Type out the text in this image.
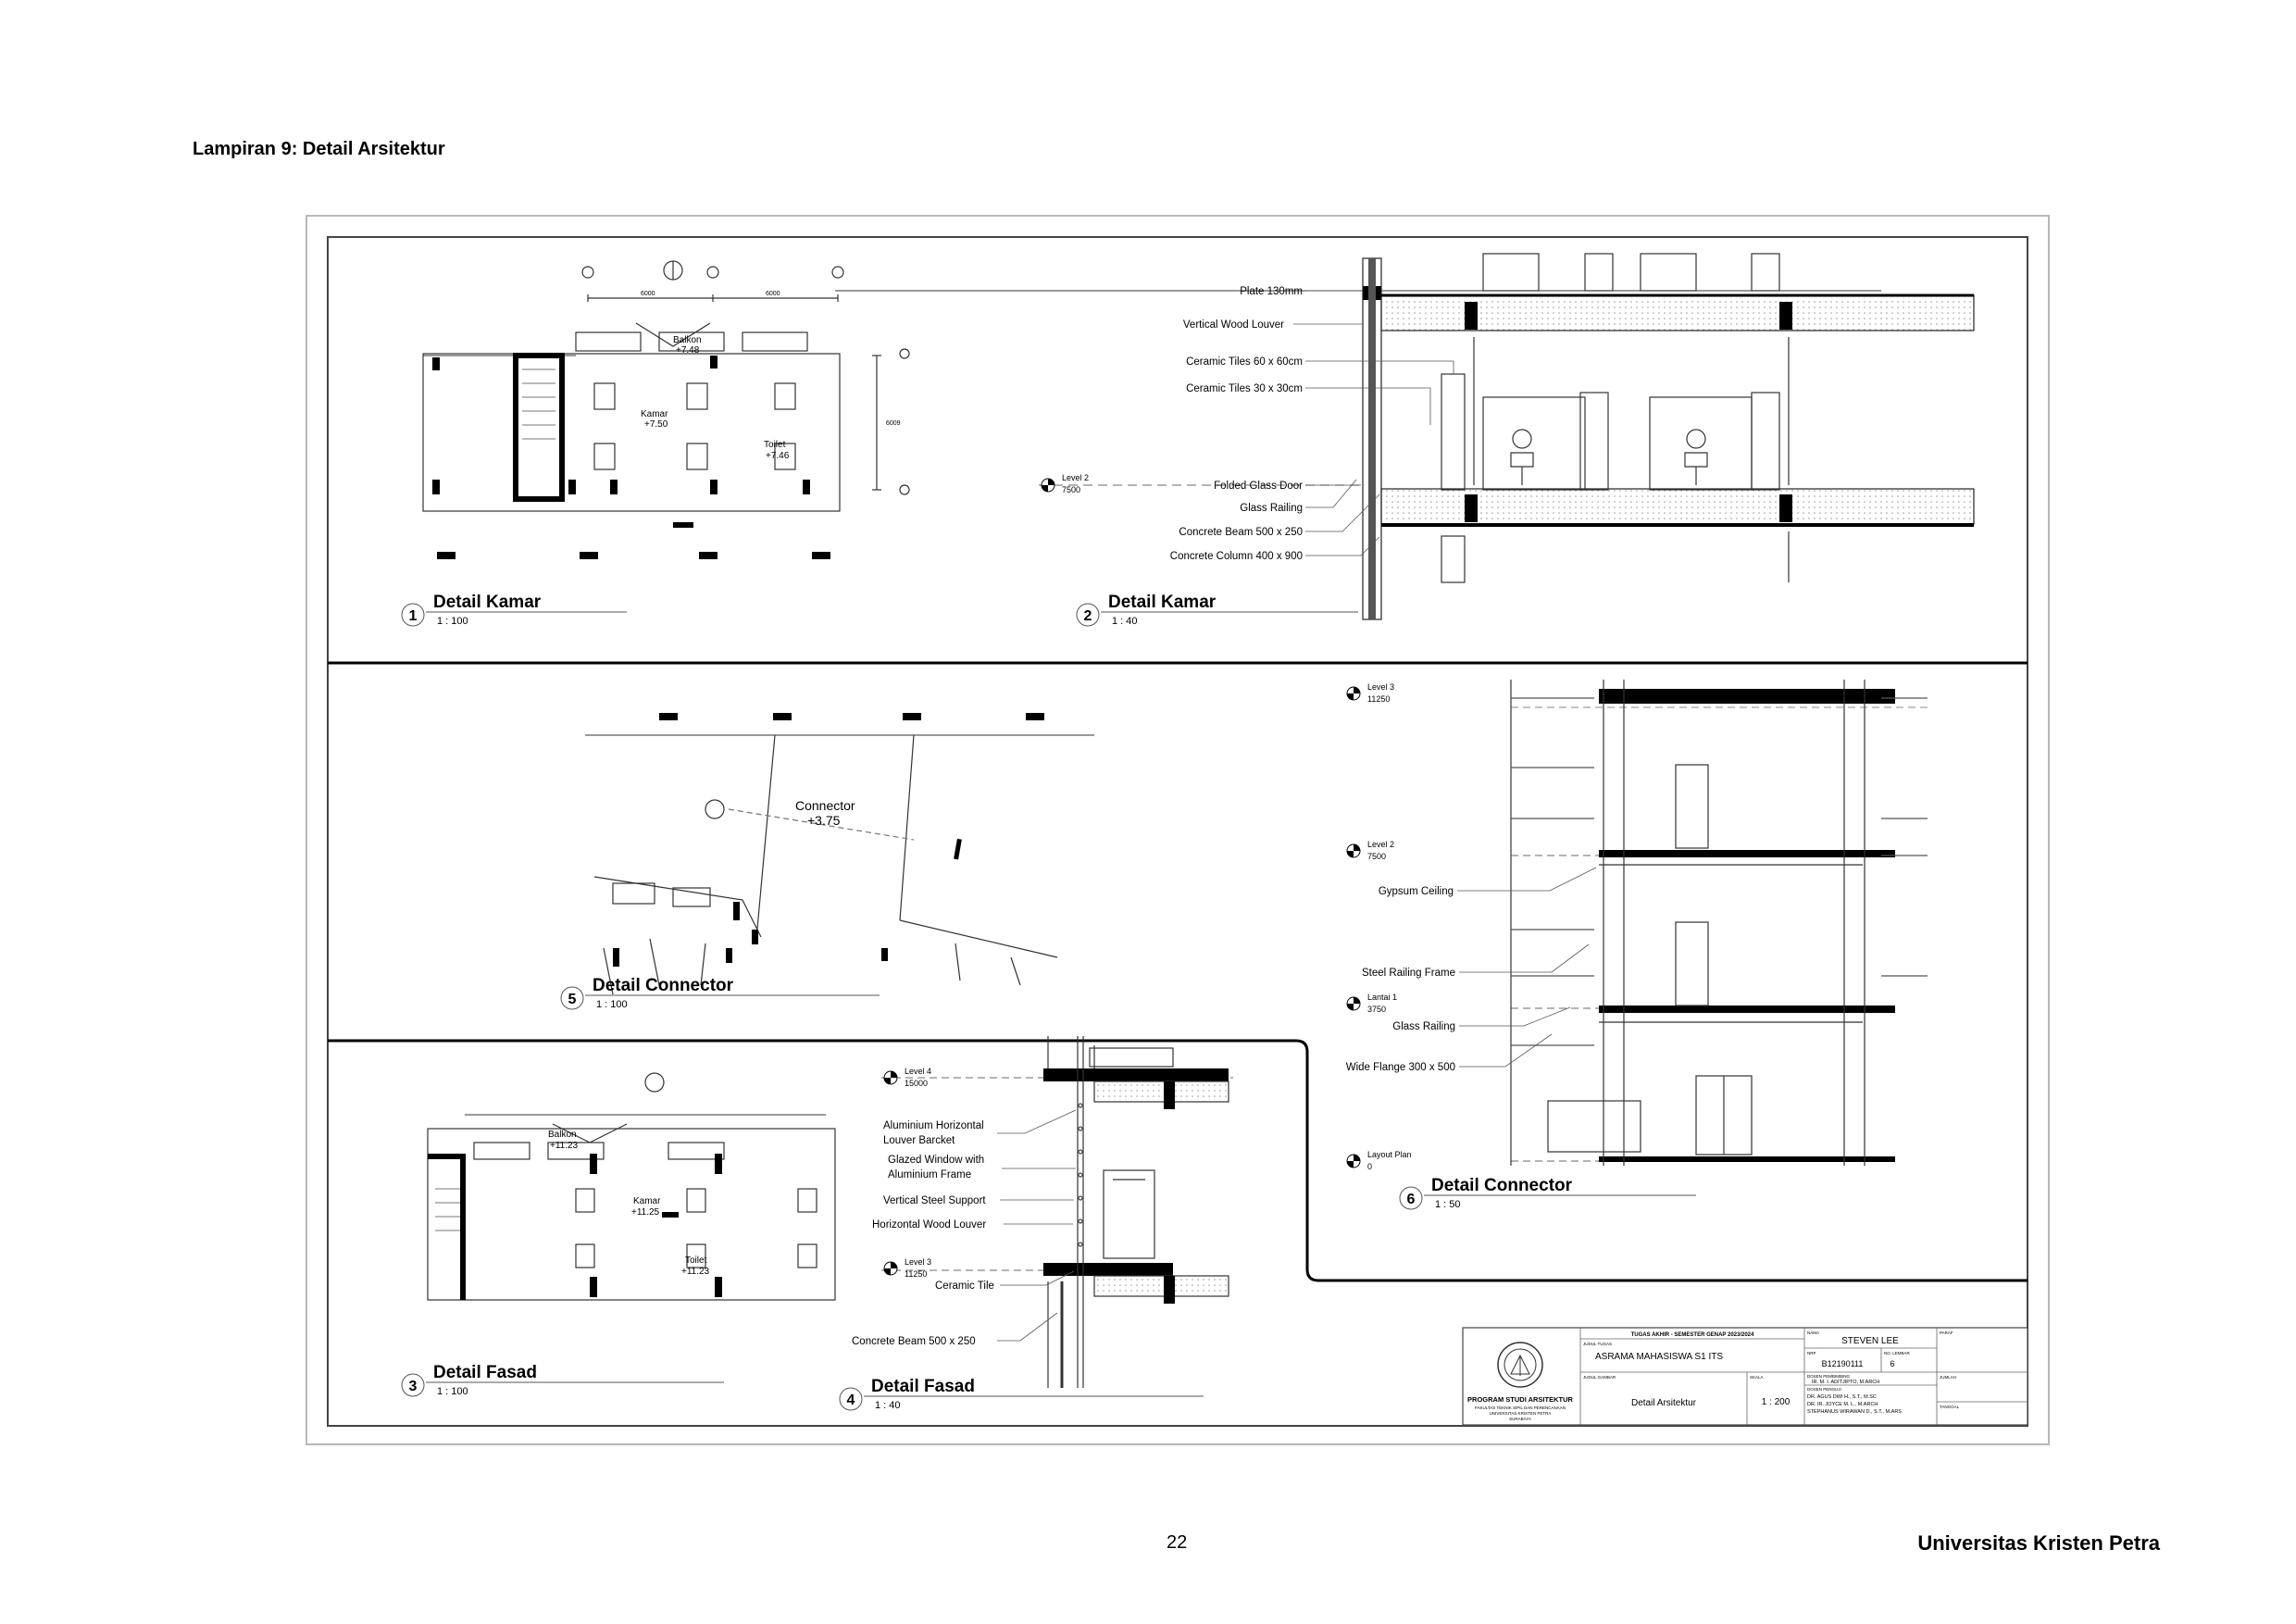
Lampiran 9: Detail Arsitektur
Balkon
+7.48
Kamar
+7.50
Toilet
+7.46
6000	6000
6009
Level 2
7500
Plate 130mm
Vertical Wood Louver
Ceramic Tiles 60 x 60cm
Ceramic Tiles 30 x 30cm
Folded Glass Door
Glass Railing
Concrete Beam 500 x 250
Concrete Column 400 x 900
Connector
+3.75
Level 3
11250
Level 2
7500
Lantai 1
3750
Layout Plan
0
Gypsum Ceiling
Steel Railing Frame
Glass Railing
Wide Flange 300 x 500
Balkon
+11.23
Kamar
+11.25
Toilet
+11.23
Level 4
15000
Level 3
11250
Aluminium Horizontal
Louver Barcket
Glazed Window with
Aluminium Frame
Vertical Steel Support
Horizontal Wood Louver
Ceramic Tile
Concrete Beam 500 x 250
1
Detail Kamar
1 : 100	2
Detail Kamar
1 : 40
5
Detail Connector
1 : 100
6
Detail Connector
1 : 50
3
Detail Fasad
1 : 100
4
Detail Fasad
1 : 40
PROGRAM STUDI ARSITEKTUR
FAKULTAS TEKNIK SIPIL DAN PERENCANAAN
UNIVERSITAS KRISTEN PETRA
SURABAYA
TUGAS AKHIR - SEMESTER GENAP 2023/2024
JUDUL TUGAS
ASRAMA MAHASISWA S1 ITS
JUDUL GAMBAR
Detail Arsitektur
SKALA
1 : 200
NAMA
STEVEN LEE
NRP
B12190111
NO. LEMBAR
6
DOSEN PEMBIMBING
IR. M. I. ADITJIPTO, M.ARCH
DOSEN PENGUJI
DR. AGUS DWI H., S.T., M.SC
DR. IR. JOYCE M. L., M.ARCH
STEPHANUS WIRAWAN D., S.T., M.ARS
PARAF
JUMLAH
TANGGAL
22	Universitas Kristen Petra
